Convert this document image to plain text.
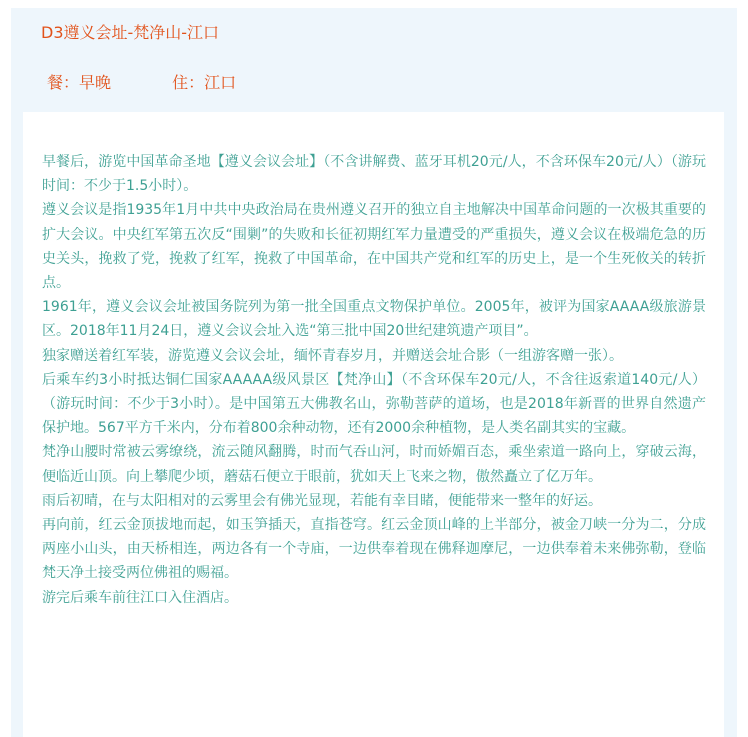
D3遵义会址-梵净山-江口
餐：早晚	住：江口

早餐后，游览中国革命圣地【遵义会议会址】（不含讲解费、蓝牙耳机20元/人，不含环保车20元/人）（游玩时间：不少于1.5小时）。

遵义会议是指1935年1月中共中央政治局在贵州遵义召开的独立自主地解决中国革命问题的一次极其重要的扩大会议。中央红军第五次反“围剿”的失败和长征初期红军力量遭受的严重损失，遵义会议在极端危急的历史关头，挽救了党，挽救了红军，挽救了中国革命，在中国共产党和红军的历史上，是一个生死攸关的转折点。

1961年，遵义会议会址被国务院列为第一批全国重点文物保护单位。2005年，被评为国家AAAA级旅游景区。2018年11月24日，遵义会议会址入选“第三批中国20世纪建筑遗产项目”。

独家赠送着红军装，游览遵义会议会址，缅怀青春岁月，并赠送会址合影（一组游客赠一张）。

后乘车约3小时抵达铜仁国家AAAAA级风景区【梵净山】（不含环保车20元/人，不含往返索道140元/人）（游玩时间：不少于3小时）。是中国第五大佛教名山，弥勒菩萨的道场，也是2018年新晋的世界自然遗产保护地。567平方千米内，分布着800余种动物，还有2000余种植物，是人类名副其实的宝藏。

梵净山腰时常被云雾缭绕，流云随风翻腾，时而气吞山河，时而娇媚百态，乘坐索道一路向上，穿破云海，便临近山顶。向上攀爬少顷，蘑菇石便立于眼前，犹如天上飞来之物，傲然矗立了亿万年。

雨后初晴，在与太阳相对的云雾里会有佛光显现，若能有幸目睹，便能带来一整年的好运。

再向前，红云金顶拔地而起，如玉笋插天，直指苍穹。红云金顶山峰的上半部分，被金刀峡一分为二，分成两座小山头，由天桥相连，两边各有一个寺庙，一边供奉着现在佛释迦摩尼，一边供奉着未来佛弥勒，登临梵天净土接受两位佛祖的赐福。

游完后乘车前往江口入住酒店。
